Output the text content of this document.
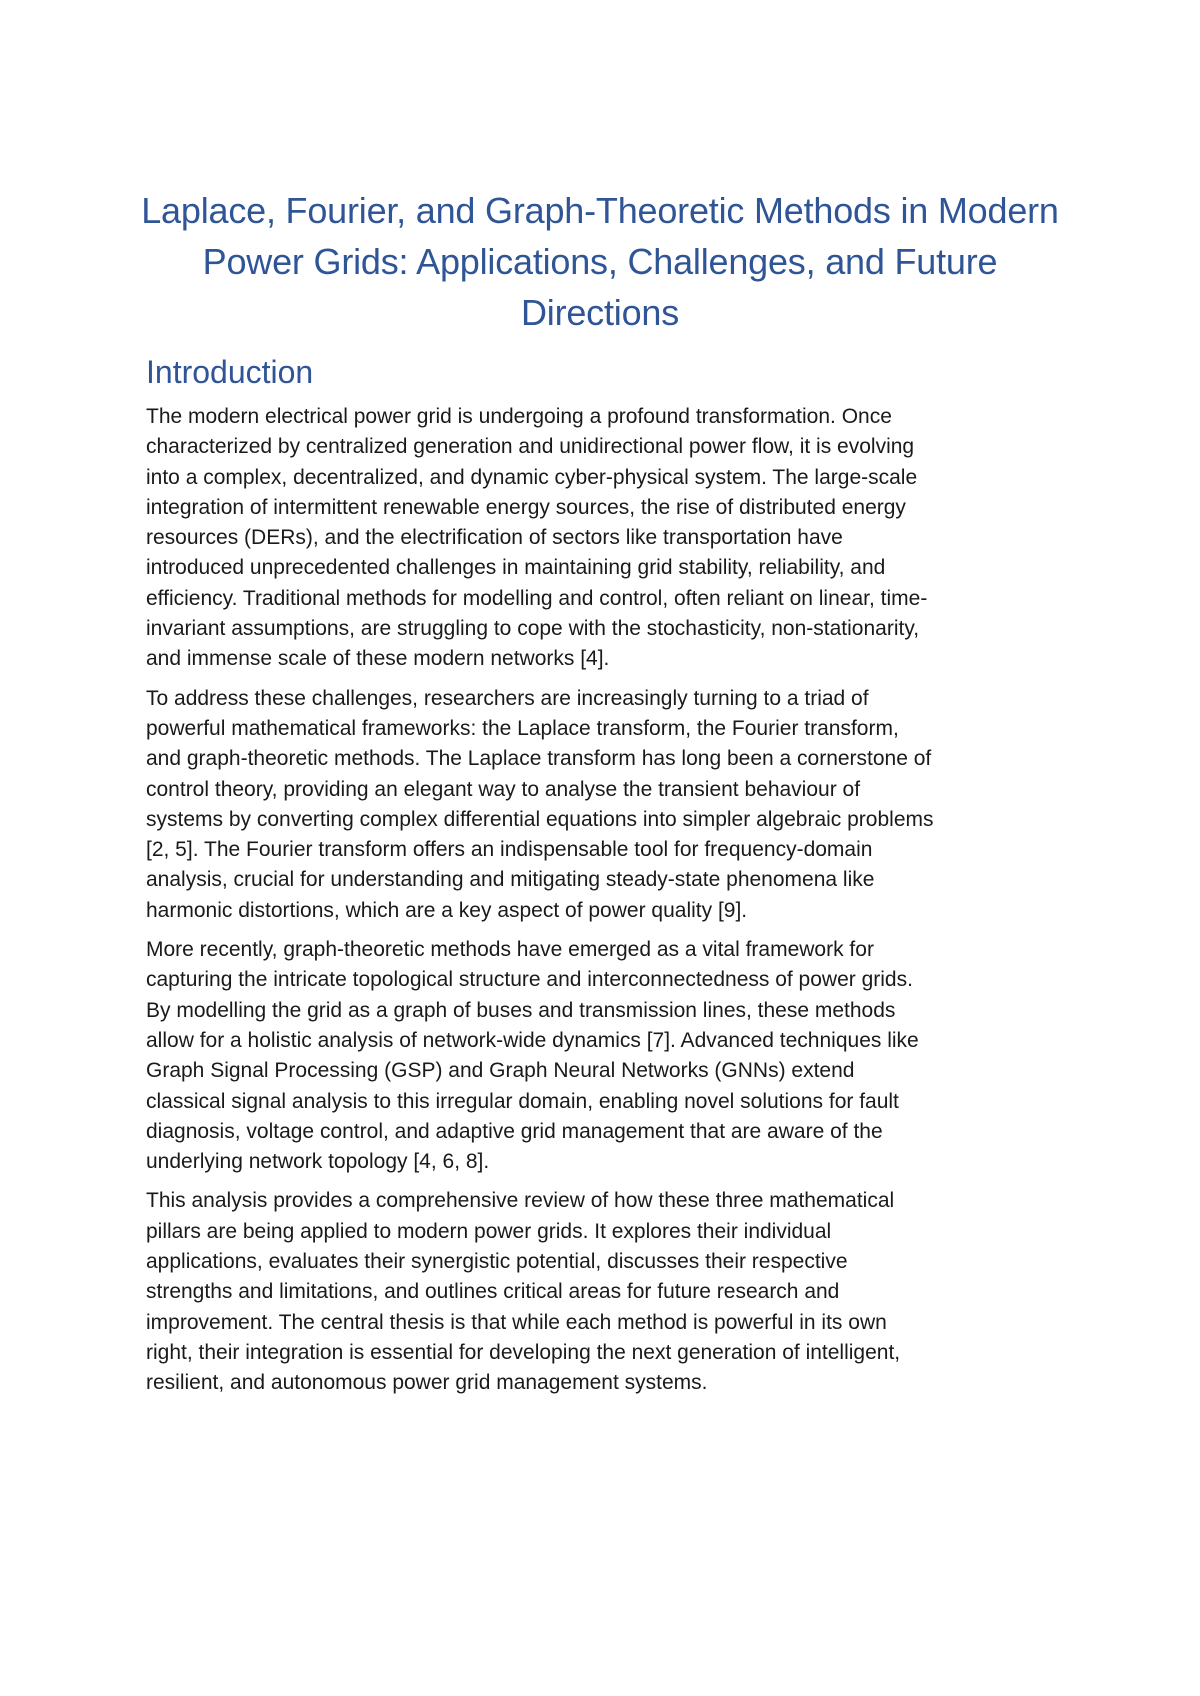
Laplace, Fourier, and Graph-Theoretic Methods in Modern Power Grids: Applications, Challenges, and Future Directions
Introduction

The modern electrical power grid is undergoing a profound transformation. Once
characterized by centralized generation and unidirectional power flow, it is evolving
into a complex, decentralized, and dynamic cyber-physical system. The large-scale
integration of intermittent renewable energy sources, the rise of distributed energy
resources (DERs), and the electrification of sectors like transportation have
introduced unprecedented challenges in maintaining grid stability, reliability, and
efficiency. Traditional methods for modelling and control, often reliant on linear, time-
invariant assumptions, are struggling to cope with the stochasticity, non-stationarity,
and immense scale of these modern networks [4].

To address these challenges, researchers are increasingly turning to a triad of
powerful mathematical frameworks: the Laplace transform, the Fourier transform,
and graph-theoretic methods. The Laplace transform has long been a cornerstone of
control theory, providing an elegant way to analyse the transient behaviour of
systems by converting complex differential equations into simpler algebraic problems
[2, 5]. The Fourier transform offers an indispensable tool for frequency-domain
analysis, crucial for understanding and mitigating steady-state phenomena like
harmonic distortions, which are a key aspect of power quality [9].

More recently, graph-theoretic methods have emerged as a vital framework for
capturing the intricate topological structure and interconnectedness of power grids.
By modelling the grid as a graph of buses and transmission lines, these methods
allow for a holistic analysis of network-wide dynamics [7]. Advanced techniques like
Graph Signal Processing (GSP) and Graph Neural Networks (GNNs) extend
classical signal analysis to this irregular domain, enabling novel solutions for fault
diagnosis, voltage control, and adaptive grid management that are aware of the
underlying network topology [4, 6, 8].

This analysis provides a comprehensive review of how these three mathematical
pillars are being applied to modern power grids. It explores their individual
applications, evaluates their synergistic potential, discusses their respective
strengths and limitations, and outlines critical areas for future research and
improvement. The central thesis is that while each method is powerful in its own
right, their integration is essential for developing the next generation of intelligent,
resilient, and autonomous power grid management systems.
